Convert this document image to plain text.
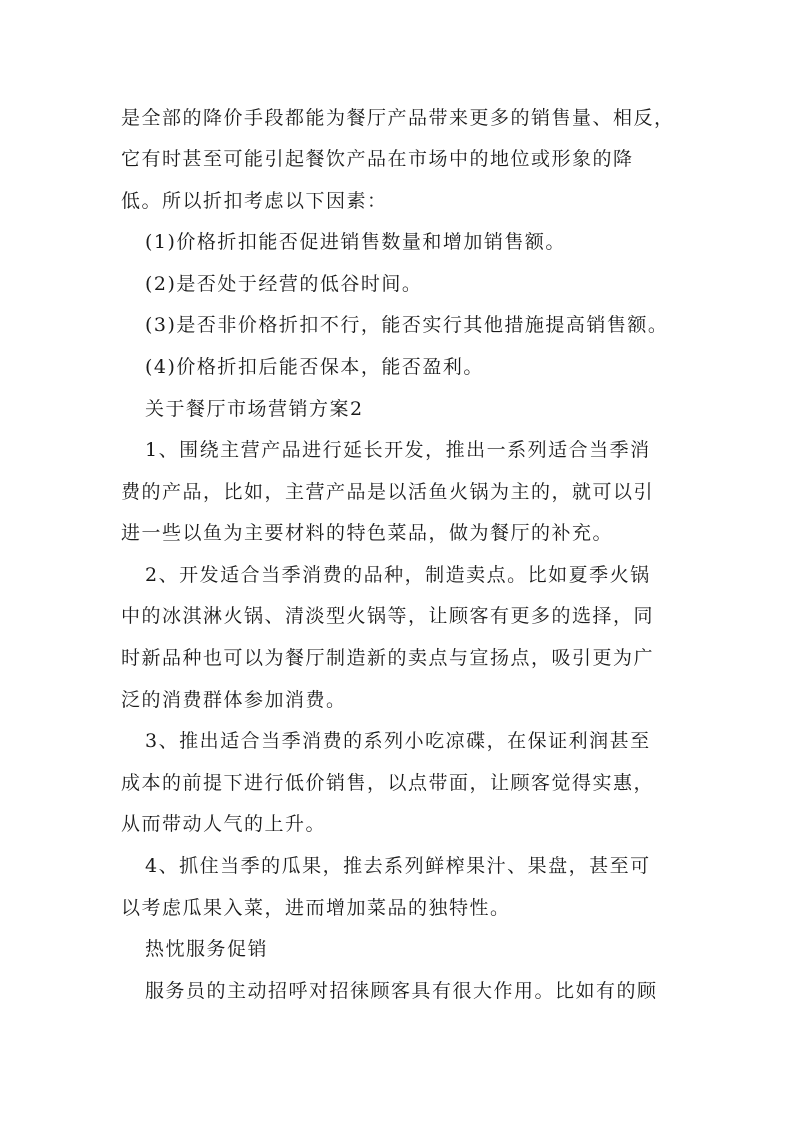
是全部的降价手段都能为餐厅产品带来更多的销售量、相反，
它有时甚至可能引起餐饮产品在市场中的地位或形象的降
低。所以折扣考虑以下因素：
(1)价格折扣能否促进销售数量和增加销售额。
(2)是否处于经营的低谷时间。
(3)是否非价格折扣不行，能否实行其他措施提高销售额。
(4)价格折扣后能否保本，能否盈利。
关于餐厅市场营销方案2
1、围绕主营产品进行延长开发，推出一系列适合当季消
费的产品，比如，主营产品是以活鱼火锅为主的，就可以引
进一些以鱼为主要材料的特色菜品，做为餐厅的补充。
2、开发适合当季消费的品种，制造卖点。比如夏季火锅
中的冰淇淋火锅、清淡型火锅等，让顾客有更多的选择，同
时新品种也可以为餐厅制造新的卖点与宣扬点，吸引更为广
泛的消费群体参加消费。
3、推出适合当季消费的系列小吃凉碟，在保证利润甚至
成本的前提下进行低价销售，以点带面，让顾客觉得实惠，
从而带动人气的上升。
4、抓住当季的瓜果，推去系列鲜榨果汁、果盘，甚至可
以考虑瓜果入菜，进而增加菜品的独特性。
热忱服务促销
服务员的主动招呼对招徕顾客具有很大作用。比如有的顾
